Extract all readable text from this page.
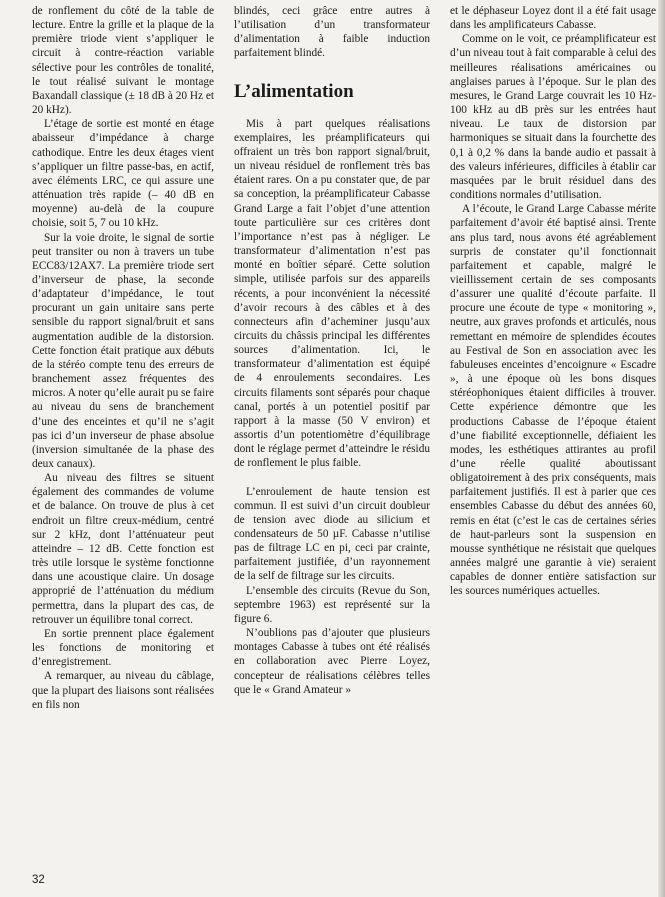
de ronflement du côté de la table de lecture. Entre la grille et la plaque de la première triode vient s’appliquer le circuit à contre-réaction variable sélective pour les contrôles de tonalité, le tout réalisé suivant le montage Baxandall classique (± 18 dB à 20 Hz et 20 kHz).

L’étage de sortie est monté en étage abaisseur d’impédance à charge cathodique. Entre les deux étages vient s’appliquer un filtre passe-bas, en actif, avec éléments LRC, ce qui assure une atténuation très rapide (– 40 dB en moyenne) au-delà de la coupure choisie, soit 5, 7 ou 10 kHz.

Sur la voie droite, le signal de sortie peut transiter ou non à travers un tube ECC83/12AX7. La première triode sert d’inverseur de phase, la seconde d’adaptateur d’impédance, le tout procurant un gain unitaire sans perte sensible du rapport signal/bruit et sans augmentation audible de la distorsion. Cette fonction était pratique aux débuts de la stéréo compte tenu des erreurs de branchement assez fréquentes des micros. A noter qu’elle aurait pu se faire au niveau du sens de branchement d’une des enceintes et qu’il ne s’agit pas ici d’un inverseur de phase absolue (inversion simultanée de la phase des deux canaux).

Au niveau des filtres se situent également des commandes de volume et de balance. On trouve de plus à cet endroit un filtre creux-médium, centré sur 2 kHz, dont l’atténuateur peut atteindre – 12 dB. Cette fonction est très utile lorsque le système fonctionne dans une acoustique claire. Un dosage approprié de l’atténuation du médium permettra, dans la plupart des cas, de retrouver un équilibre tonal correct.

En sortie prennent place également les fonctions de monitoring et d’enregistrement.

A remarquer, au niveau du câblage, que la plupart des liaisons sont réalisées en fils non

blindés, ceci grâce entre autres à l’utilisation d’un transformateur d’alimentation à faible induction parfaitement blindé.

L’alimentation

Mis à part quelques réalisations exemplaires, les préamplificateurs qui offraient un très bon rapport signal/bruit, un niveau résiduel de ronflement très bas étaient rares. On a pu constater que, de par sa conception, la préamplificateur Cabasse Grand Large a fait l’objet d’une attention toute particulière sur ces critères dont l’importance n’est pas à négliger. Le transformateur d’alimentation n’est pas monté en boîtier séparé. Cette solution simple, utilisée parfois sur des appareils récents, a pour inconvénient la nécessité d’avoir recours à des câbles et à des connecteurs afin d’acheminer jusqu’aux circuits du châssis principal les différentes sources d’alimentation. Ici, le transformateur d’alimentation est équipé de 4 enroulements secondaires. Les circuits filaments sont séparés pour chaque canal, portés à un potentiel positif par rapport à la masse (50 V environ) et assortis d’un potentiomètre d’équilibrage dont le réglage permet d’atteindre le résidu de ronflement le plus faible.

L’enroulement de haute tension est commun. Il est suivi d’un circuit doubleur de tension avec diode au silicium et condensateurs de 50 µF. Cabasse n’utilise pas de filtrage LC en pi, ceci par crainte, parfaitement justifiée, d’un rayonnement de la self de filtrage sur les circuits.

L’ensemble des circuits (Revue du Son, septembre 1963) est représenté sur la figure 6.

N’oublions pas d’ajouter que plusieurs montages Cabasse à tubes ont été réalisés en collaboration avec Pierre Loyez, concepteur de réalisations célèbres telles que le « Grand Amateur »

et le déphaseur Loyez dont il a été fait usage dans les amplificateurs Cabasse.

Comme on le voit, ce préamplificateur est d’un niveau tout à fait comparable à celui des meilleures réalisations américaines ou anglaises parues à l’époque. Sur le plan des mesures, le Grand Large couvrait les 10 Hz-100 kHz au dB près sur les entrées haut niveau. Le taux de distorsion par harmoniques se situait dans la fourchette des 0,1 à 0,2 % dans la bande audio et passait à des valeurs inférieures, difficiles à établir car masquées par le bruit résiduel dans des conditions normales d’utilisation.

A l’écoute, le Grand Large Cabasse mérite parfaitement d’avoir été baptisé ainsi. Trente ans plus tard, nous avons été agréablement surpris de constater qu’il fonctionnait parfaitement et capable, malgré le vieillissement certain de ses composants d’assurer une qualité d’écoute parfaite. Il procure une écoute de type « monitoring », neutre, aux graves profonds et articulés, nous remettant en mémoire de splendides écoutes au Festival de Son en association avec les fabuleuses enceintes d’encoignure « Escadre », à une époque où les bons disques stéréophoniques étaient difficiles à trouver. Cette expérience démontre que les productions Cabasse de l’époque étaient d’une fiabilité exceptionnelle, défiaient les modes, les esthétiques attirantes au profil d’une réelle qualité aboutissant obligatoirement à des prix conséquents, mais parfaitement justifiés. Il est à parier que ces ensembles Cabasse du début des années 60, remis en état (c’est le cas de certaines séries de haut-parleurs sont la suspension en mousse synthétique ne résistait que quelques années malgré une garantie à vie) seraient capables de donner entière satisfaction sur les sources numériques actuelles.

32
